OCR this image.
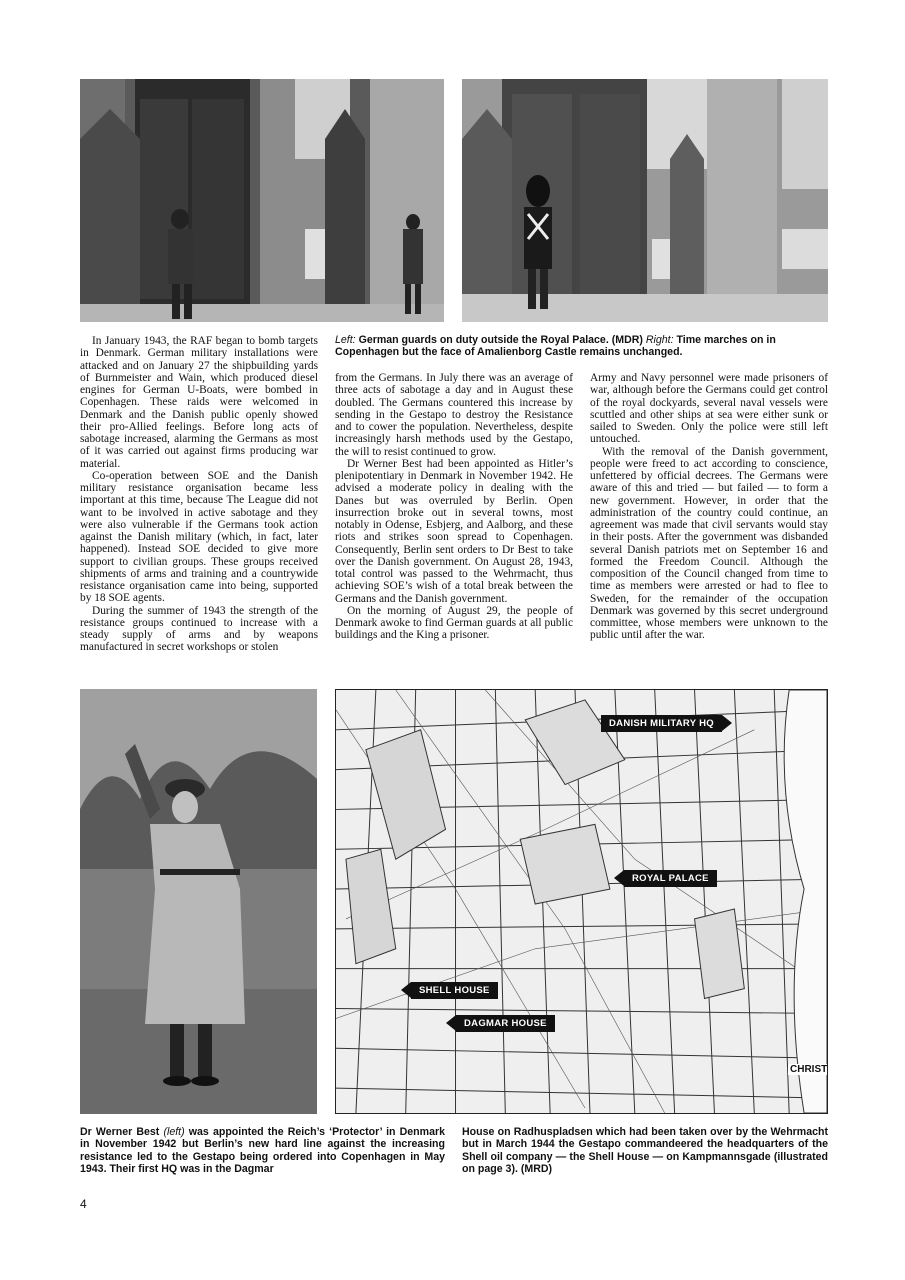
Left: German guards on duty outside the Royal Palace. (MDR) Right: Time marches on in Copenhagen but the face of Amalienborg Castle remains unchanged.

In January 1943, the RAF began to bomb targets in Denmark. German military installations were attacked and on January 27 the shipbuilding yards of Burnmeister and Wain, which produced diesel engines for German U-Boats, were bombed in Copenhagen. These raids were welcomed in Denmark and the Danish public openly showed their pro-Allied feelings. Before long acts of sabotage increased, alarming the Germans as most of it was carried out against firms producing war material.

Co-operation between SOE and the Danish military resistance organisation became less important at this time, because The League did not want to be involved in active sabotage and they were also vulnerable if the Germans took action against the Danish military (which, in fact, later happened). Instead SOE decided to give more support to civilian groups. These groups received shipments of arms and training and a countrywide resistance organisation came into being, supported by 18 SOE agents.

During the summer of 1943 the strength of the resistance groups continued to increase with a steady supply of arms and by weapons manufactured in secret workshops or stolen

from the Germans. In July there was an average of three acts of sabotage a day and in August these doubled. The Germans countered this increase by sending in the Gestapo to destroy the Resistance and to cower the population. Nevertheless, despite increasingly harsh methods used by the Gestapo, the will to resist continued to grow.

Dr Werner Best had been appointed as Hitler’s plenipotentiary in Denmark in November 1942. He advised a moderate policy in dealing with the Danes but was overruled by Berlin. Open insurrection broke out in several towns, most notably in Odense, Esbjerg, and Aalborg, and these riots and strikes soon spread to Copenhagen. Consequently, Berlin sent orders to Dr Best to take over the Danish government. On August 28, 1943, total control was passed to the Wehrmacht, thus achieving SOE’s wish of a total break between the Germans and the Danish government.

On the morning of August 29, the people of Denmark awoke to find German guards at all public buildings and the King a prisoner.

Army and Navy personnel were made prisoners of war, although before the Germans could get control of the royal dockyards, several naval vessels were scuttled and other ships at sea were either sunk or sailed to Sweden. Only the police were still left untouched.

With the removal of the Danish government, people were freed to act according to conscience, unfettered by official decrees. The Germans were aware of this and tried — but failed — to form a new government. However, in order that the administration of the country could continue, an agreement was made that civil servants would stay in their posts. After the government was disbanded several Danish patriots met on September 16 and formed the Freedom Council. Although the composition of the Council changed from time to time as members were arrested or had to flee to Sweden, for the remainder of the occupation Denmark was governed by this secret underground committee, whose members were unknown to the public until after the war.

DANISH MILITARY HQ
ROYAL PALACE
SHELL HOUSE
DAGMAR HOUSE
CHRIST
Dr Werner Best (left) was appointed the Reich’s ‘Protector’ in Denmark in November 1942 but Berlin’s new hard line against the increasing resistance led to the Gestapo being ordered into Copenhagen in May 1943. Their first HQ was in the Dagmar
House on Radhuspladsen which had been taken over by the Wehrmacht but in March 1944 the Gestapo commandeered the headquarters of the Shell oil company — the Shell House — on Kampmannsgade (illustrated on page 3). (MRD)
4
